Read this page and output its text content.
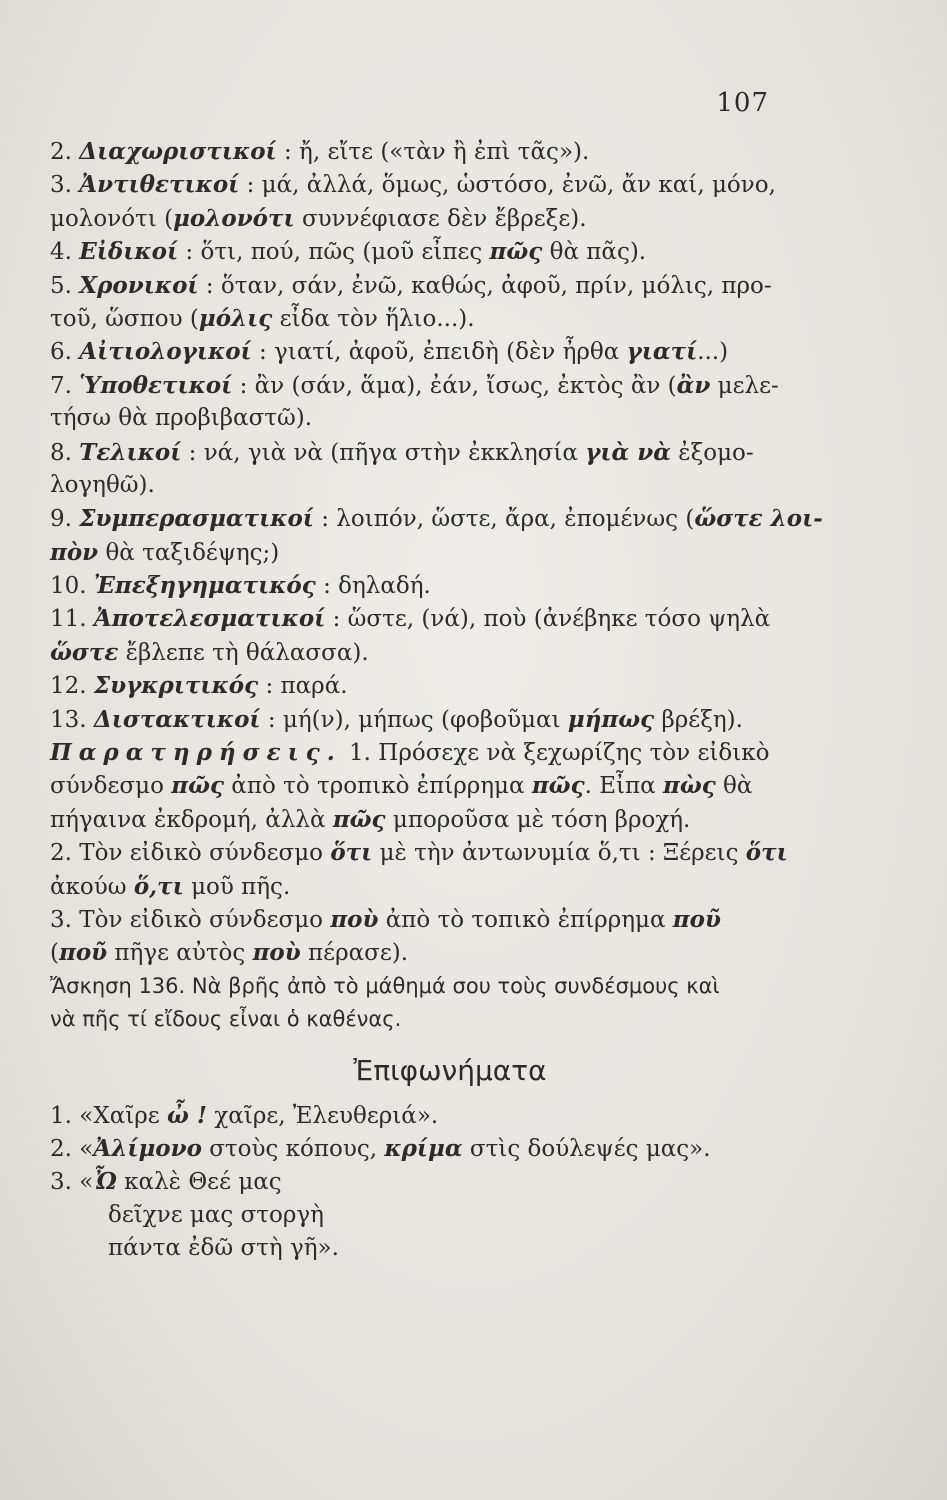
107
2. Διαχωριστικοί : ἤ, εἴτε («τὰν ἢ ἐπὶ τᾶς»).
3. Ἀντιθετικοί : μά, ἀλλά, ὅμως, ὡστόσο, ἐνῶ, ἄν καί, μόνο,
μολονότι (μολονότι συννέφιασε δὲν ἔβρεξε).
4. Εἰδικοί : ὅτι, πού, πῶς (μοῦ εἶπες πῶς θὰ πᾶς).
5. Χρονικοί : ὅταν, σάν, ἐνῶ, καθώς, ἀφοῦ, πρίν, μόλις, προ-
τοῦ, ὥσπου (μόλις εἶδα τὸν ἥλιο...).
6. Αἰτιολογικοί : γιατί, ἀφοῦ, ἐπειδὴ (δὲν ἦρθα γιατί...)
7. Ὑποθετικοί : ἂν (σάν, ἅμα), ἐάν, ἴσως, ἐκτὸς ἂν (ἂν μελε-
τήσω θὰ προβιβαστῶ).
8. Τελικοί : νά, γιὰ νὰ (πῆγα στὴν ἐκκλησία γιὰ νὰ ἐξομο-
λογηθῶ).
9. Συμπερασματικοί : λοιπόν, ὥστε, ἄρα, ἐπομένως (ὥστε λοι-
πὸν θὰ ταξιδέψης;)
10. Ἐπεξηγηματικός : δηλαδή.
11. Ἀποτελεσματικοί : ὥστε, (νά), ποὺ (ἀνέβηκε τόσο ψηλὰ
ὥστε ἔβλεπε τὴ θάλασσα).
12. Συγκριτικός : παρά.
13. Διστακτικοί : μή(ν), μήπως (φοβοῦμαι μήπως βρέξη).
Παρατηρήσεις. 1. Πρόσεχε νὰ ξεχωρίζης τὸν εἰδικὸ
σύνδεσμο πῶς ἀπὸ τὸ τροπικὸ ἐπίρρημα πῶς. Εἶπα πὼς θὰ
πήγαινα ἐκδρομή, ἀλλὰ πῶς μποροῦσα μὲ τόση βροχή.
2. Τὸν εἰδικὸ σύνδεσμο ὅτι μὲ τὴν ἀντωνυμία ὅ,τι : Ξέρεις ὅτι
ἀκούω ὅ,τι μοῦ πῆς.
3. Τὸν εἰδικὸ σύνδεσμο ποὺ ἀπὸ τὸ τοπικὸ ἐπίρρημα ποῦ
(ποῦ πῆγε αὐτὸς ποὺ πέρασε).
Ἄσκηση 136. Νὰ βρῆς ἀπὸ τὸ μάθημά σου τοὺς συνδέσμους καὶ
νὰ πῆς τί εἴδους εἶναι ὁ καθένας.
Ἐπιφωνήματα
1. «Χαῖρε ὦ ! χαῖρε, Ἐλευθεριά».
2. «Ἀλίμονο στοὺς κόπους, κρίμα στὶς δούλεψές μας».
3. «Ὦ καλὲ Θεέ μας
δεῖχνε μας στοργὴ
πάντα ἐδῶ στὴ γῆ».
